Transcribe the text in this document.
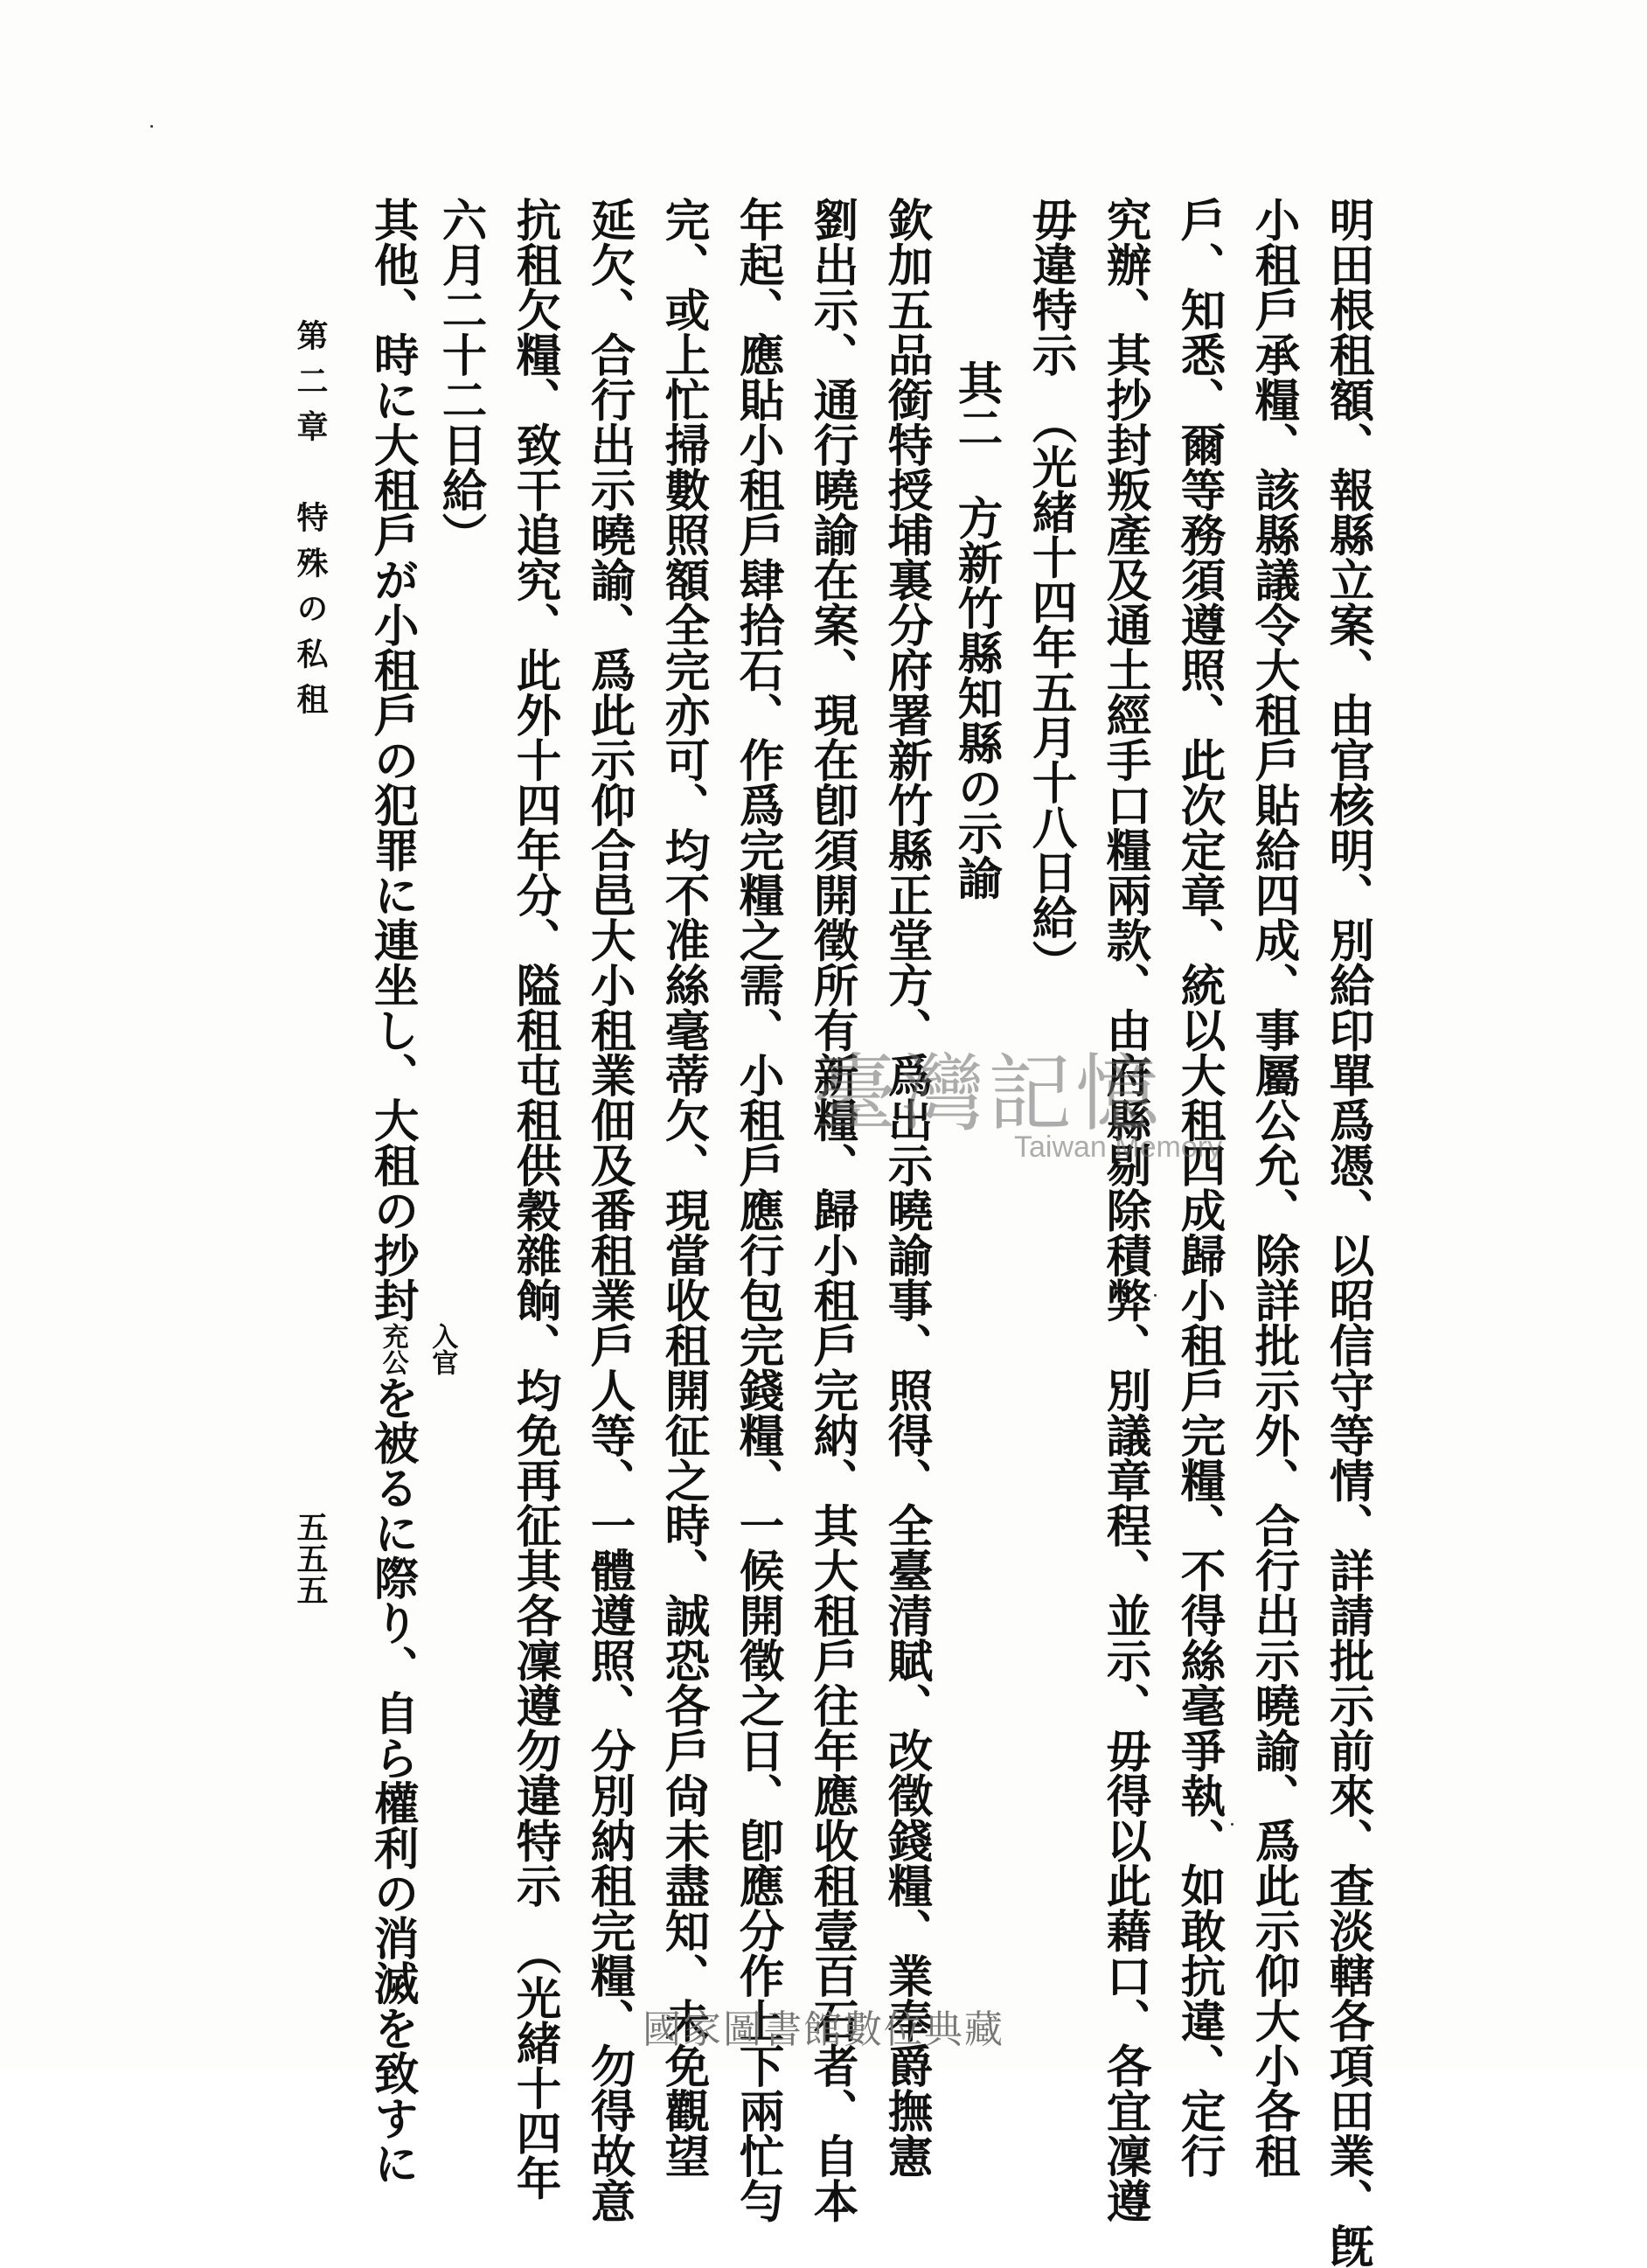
明田根租額、報縣立案、由官核明、別給印單爲憑、以昭信守等情、詳請批示前來、查淡轄各項田業、旣
小租戶承糧、該縣議令大租戶貼給四成、事屬公允、除詳批示外、合行出示曉諭、爲此示仰大小各租
戶、知悉、爾等務須遵照、此次定章、統以大租四成歸小租戶完糧、不得絲毫爭執、如敢抗違、定行
究辦、其抄封叛產及通土經手口糧兩款、由府縣剔除積弊、別議章程、並示、毋得以此藉口、各宜凜遵
毋違特示　（光緒十四年五月十八日給）
　其二　方新竹縣知縣の示諭
欽加五品銜特授埔裏分府署新竹縣正堂方、爲出示曉諭事、照得、全臺清賦、改徵錢糧、業奉爵撫憲
劉出示、通行曉諭在案、現在卽須開徵所有新糧、歸小租戶完納、其大租戶往年應收租壹百石者、自本
年起、應貼小租戶肆拾石、作爲完糧之需、小租戶應行包完錢糧、一候開徵之日、卽應分作上下兩忙勻
完、或上忙掃數照額全完亦可、均不准絲毫蒂欠、現當收租開征之時、誠恐各戶尙未盡知、未免觀望
延欠、合行出示曉諭、爲此示仰合邑大小租業佃及番租業戶人等、一體遵照、分別納租完糧、勿得故意
抗租欠糧、致干追究、此外十四年分、隘租屯租供穀雜餉、均免再征其各凜遵勿違特示　（光緒十四年
六月二十二日給）
其他、時に大租戶が小租戶の犯罪に連坐し、大租の抄封入官
充公を被るに際り、自ら權利の消滅を致すに
第二章　特殊の私租
五五五
臺灣記憶
Taiwan Memory
國家圖書館數位典藏
